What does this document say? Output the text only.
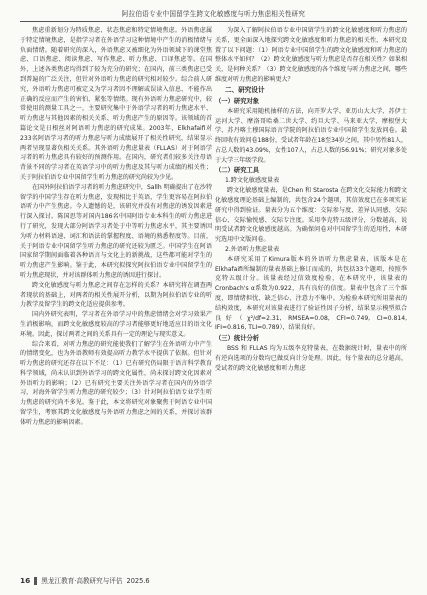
阿拉伯语专业中国留学生跨文化敏感度与听力焦虑相关性研究

焦虑重新划分为特质焦虑、状态焦虑和特定情境焦虑。外语焦虑属于特定情境焦虑，是指学习者在外语学习这种情境中产生的消极情绪与负面情绪。随着研究的深入，外语焦虑又被细化为外语领域下的课堂焦虑、口语焦虑、阅读焦虑、写作焦虑、听力焦虑、口译焦虑等。在国外，上述各类焦虑均得到了较为充分的研究；在国内，前三类焦虑已受到普遍的广泛关注，但针对外语听力焦虑的研究相对较少。综合前人研究，外语听力焦虑可被定义为学习者因不理解或误读入信息、不能作出正确的反应而产生的害怕、紧张等情绪。现有外语听力焦虑研究中，较常使用的测量工具之一，主要研究集中于外语学习者的听力焦虑水平、听力焦虑与其他因素的相关关系、听力焦虑产生的原因等。该领域的首篇论文是日根丝对阿语听力焦虑的研究成果。2003年，Elkhafaifi对233名阿语学习者的听力焦虑与听力成绩展开了相关性研究，结果显示两者呈现显著负相关关系。其外语听力焦虑量表（FLLAS）对于阿语学习者的听力焦虑具有较好的预测作用。在国内，研究者们较多关注母语背景不同的学习者在英语学习中的听力焦虑及其与听力成绩的相关性；关于阿拉伯语专业中国留学生听力焦虑的研究尚较为少见。

在国外阿拉伯语学习者的听力焦虑研究中，Sallh 明确提出了在沙特留学的中国学生存在听力焦虑，发现相比于英语，学生更容易在阿拉伯语听力中产生焦虑。今人遗憾的是，该研究并没有对焦虑的诱发因素进行深入探讨。陈国思等对国内186名中国阿语专业本科生的听力焦虑进行了研究，发现大部分阿语学习者处于中等听力焦虑水平，其主要诱因为听力材料语速、词汇和语法的掌握程度、语境的熟悉程度等。目前，关于阿语专业中国留学生听力焦虑的研究还较为匮乏。中国学生在阿语国家留学期间面临着各种语言与文化上的新挑战，这些都可能对学生的听力焦虑产生影响。鉴于此，本研究拟探究阿拉伯语专业中国留学生的听力焦虑现状，并对该群体听力焦虑的诱因进行探讨。

跨文化敏感度与听力焦虑之间存在怎样的关系？本研究将在调查两者现状的基础上，对两者的相关性展开分析，以期为阿拉伯语专业的听力教学及留学生的跨文化适应提供参考。

国内外研究表明，学习者在外语学习中的焦虑情绪会对学习效果产生消极影响，而跨文化敏感度较高的学习者能够更好地适应目的语文化环境。因此，探讨两者之间的关系具有一定的理论与现实意义。

综合来看，对听力焦虑的研究能使我们了解学生在外语听力中产生的情绪变化，也为外语教师有效提高听力教学水平提供了依据。但针对听力焦虑的研究还存在以下不足：（1）已有研究仍局限于语言科学教育科学领域，尚未认识到外语学习的跨文化属性，尚未探讨跨文化因素对外语听力的影响；（2）已有研究主要关注外语学习者在国内的外语学习，对海外留学生听力焦虑的研究较少；（3）针对阿拉伯语专业学生听力焦虑的研究尚不多见。鉴于此，本文将研究对象聚焦于阿语专业中国留学生，考察其跨文化敏感度与外语听力焦虑之间的关系，并探讨该群体听力焦虑的影响因素。

为深入了解阿拉伯语专业中国留学生的跨文化敏感度和听力焦虑的关系，更全面深入地探究跨文化敏感度和听力焦虑的相关性，本研究设置了以下问题：（1）阿语专业中国留学生的跨文化敏感度和听力焦虑的整体水平如何？（2）跨文化敏感度与听力焦虑是否存在相关性？如果相关，是何种关系？（3）跨文化敏感度的各个维度与听力焦虑之间，哪些维度对听力焦虑的影响更大？

二、研究设计
（一）研究对象

本研究采用随机抽样的方法，向开罗大学、亚历山大大学、苏伊士运河大学、摩洛哥哈桑二世大学、约旦大学、马来亚大学、摩根堡大学、苏丹喀土穆国际语言学院的阿拉伯语专业中国留学生发放问卷。最终回收有效问卷188份，受试者年龄在18至34岁之间，其中男性81人，占总人数的43.09%，女性107人，占总人数的56.91%；研究对象多处于大学三年级学段。

（二）研究工具
1.跨文化敏感度量表

跨文化敏感度量表，是Chen 和 Starosta 在跨文化交际能力和跨文化敏感度理论基础上编制的，共包含24个题项，其信效度已在多项实证研究中得到验证。量表分为五个维度：交际参与度、差异认同感、交际信心、交际愉悦感、交际专注度。采用李克特五级评分，分数越高，说明受试者跨文化敏感度越高。为确保问卷对中国留学生的适用性，本研究选用中文版问卷。

2.外语听力焦虑量表

本研究采用了Kimura版本的外语听力焦虑量表，该版本是在Elkhafaifi所编制的量表基础上修订而成的，共包括33个题项，按照李克特五级计分。该量表经过信效度检验，在本研究中，该量表的Cronbach's α系数为0.922，具有良好的信度。量表中包含了三个维度，即情绪担忧、缺乏信心、注意力不集中。为检验本研究所用量表的结构效度，本研究对该量表进行了验证性因子分析，结果显示模型拟合良好（χ²/df=2.31, RMSEA=0.08, CFI=0.749, CI=0.814, IFI=0.816, TLI=0.789），结果良好。

（三）统计分析

BSS 和 FLLAS 均为五级李克特量表，在数据统计时，量表中的所有逆向选项的分数均已做反向计分处理。因此，每个量表的总分越高，受试者的跨文化敏感度和听力焦虑

16 黑龙江教育·高教研究与评估 2025.6
